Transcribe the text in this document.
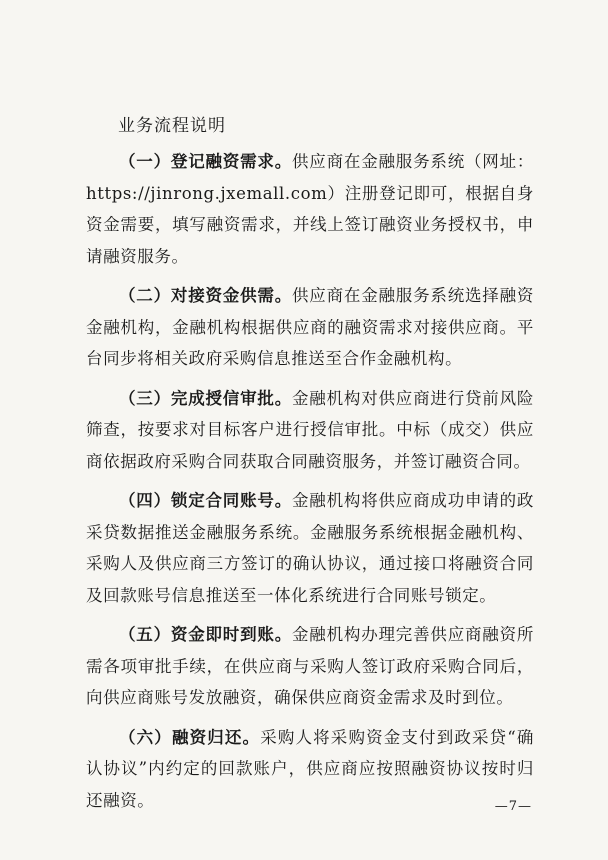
业务流程说明

（一）登记融资需求。供应商在金融服务系统（网址：https://jinrong.jxemall.com）注册登记即可，根据自身资金需要，填写融资需求，并线上签订融资业务授权书，申请融资服务。

（二）对接资金供需。供应商在金融服务系统选择融资金融机构，金融机构根据供应商的融资需求对接供应商。平台同步将相关政府采购信息推送至合作金融机构。

（三）完成授信审批。金融机构对供应商进行贷前风险筛查，按要求对目标客户进行授信审批。中标（成交）供应商依据政府采购合同获取合同融资服务，并签订融资合同。

（四）锁定合同账号。金融机构将供应商成功申请的政采贷数据推送金融服务系统。金融服务系统根据金融机构、采购人及供应商三方签订的确认协议，通过接口将融资合同及回款账号信息推送至一体化系统进行合同账号锁定。

（五）资金即时到账。金融机构办理完善供应商融资所需各项审批手续，在供应商与采购人签订政府采购合同后，向供应商账号发放融资，确保供应商资金需求及时到位。

（六）融资归还。采购人将采购资金支付到政采贷“确认协议”内约定的回款账户，供应商应按照融资协议按时归还融资。	—7—
